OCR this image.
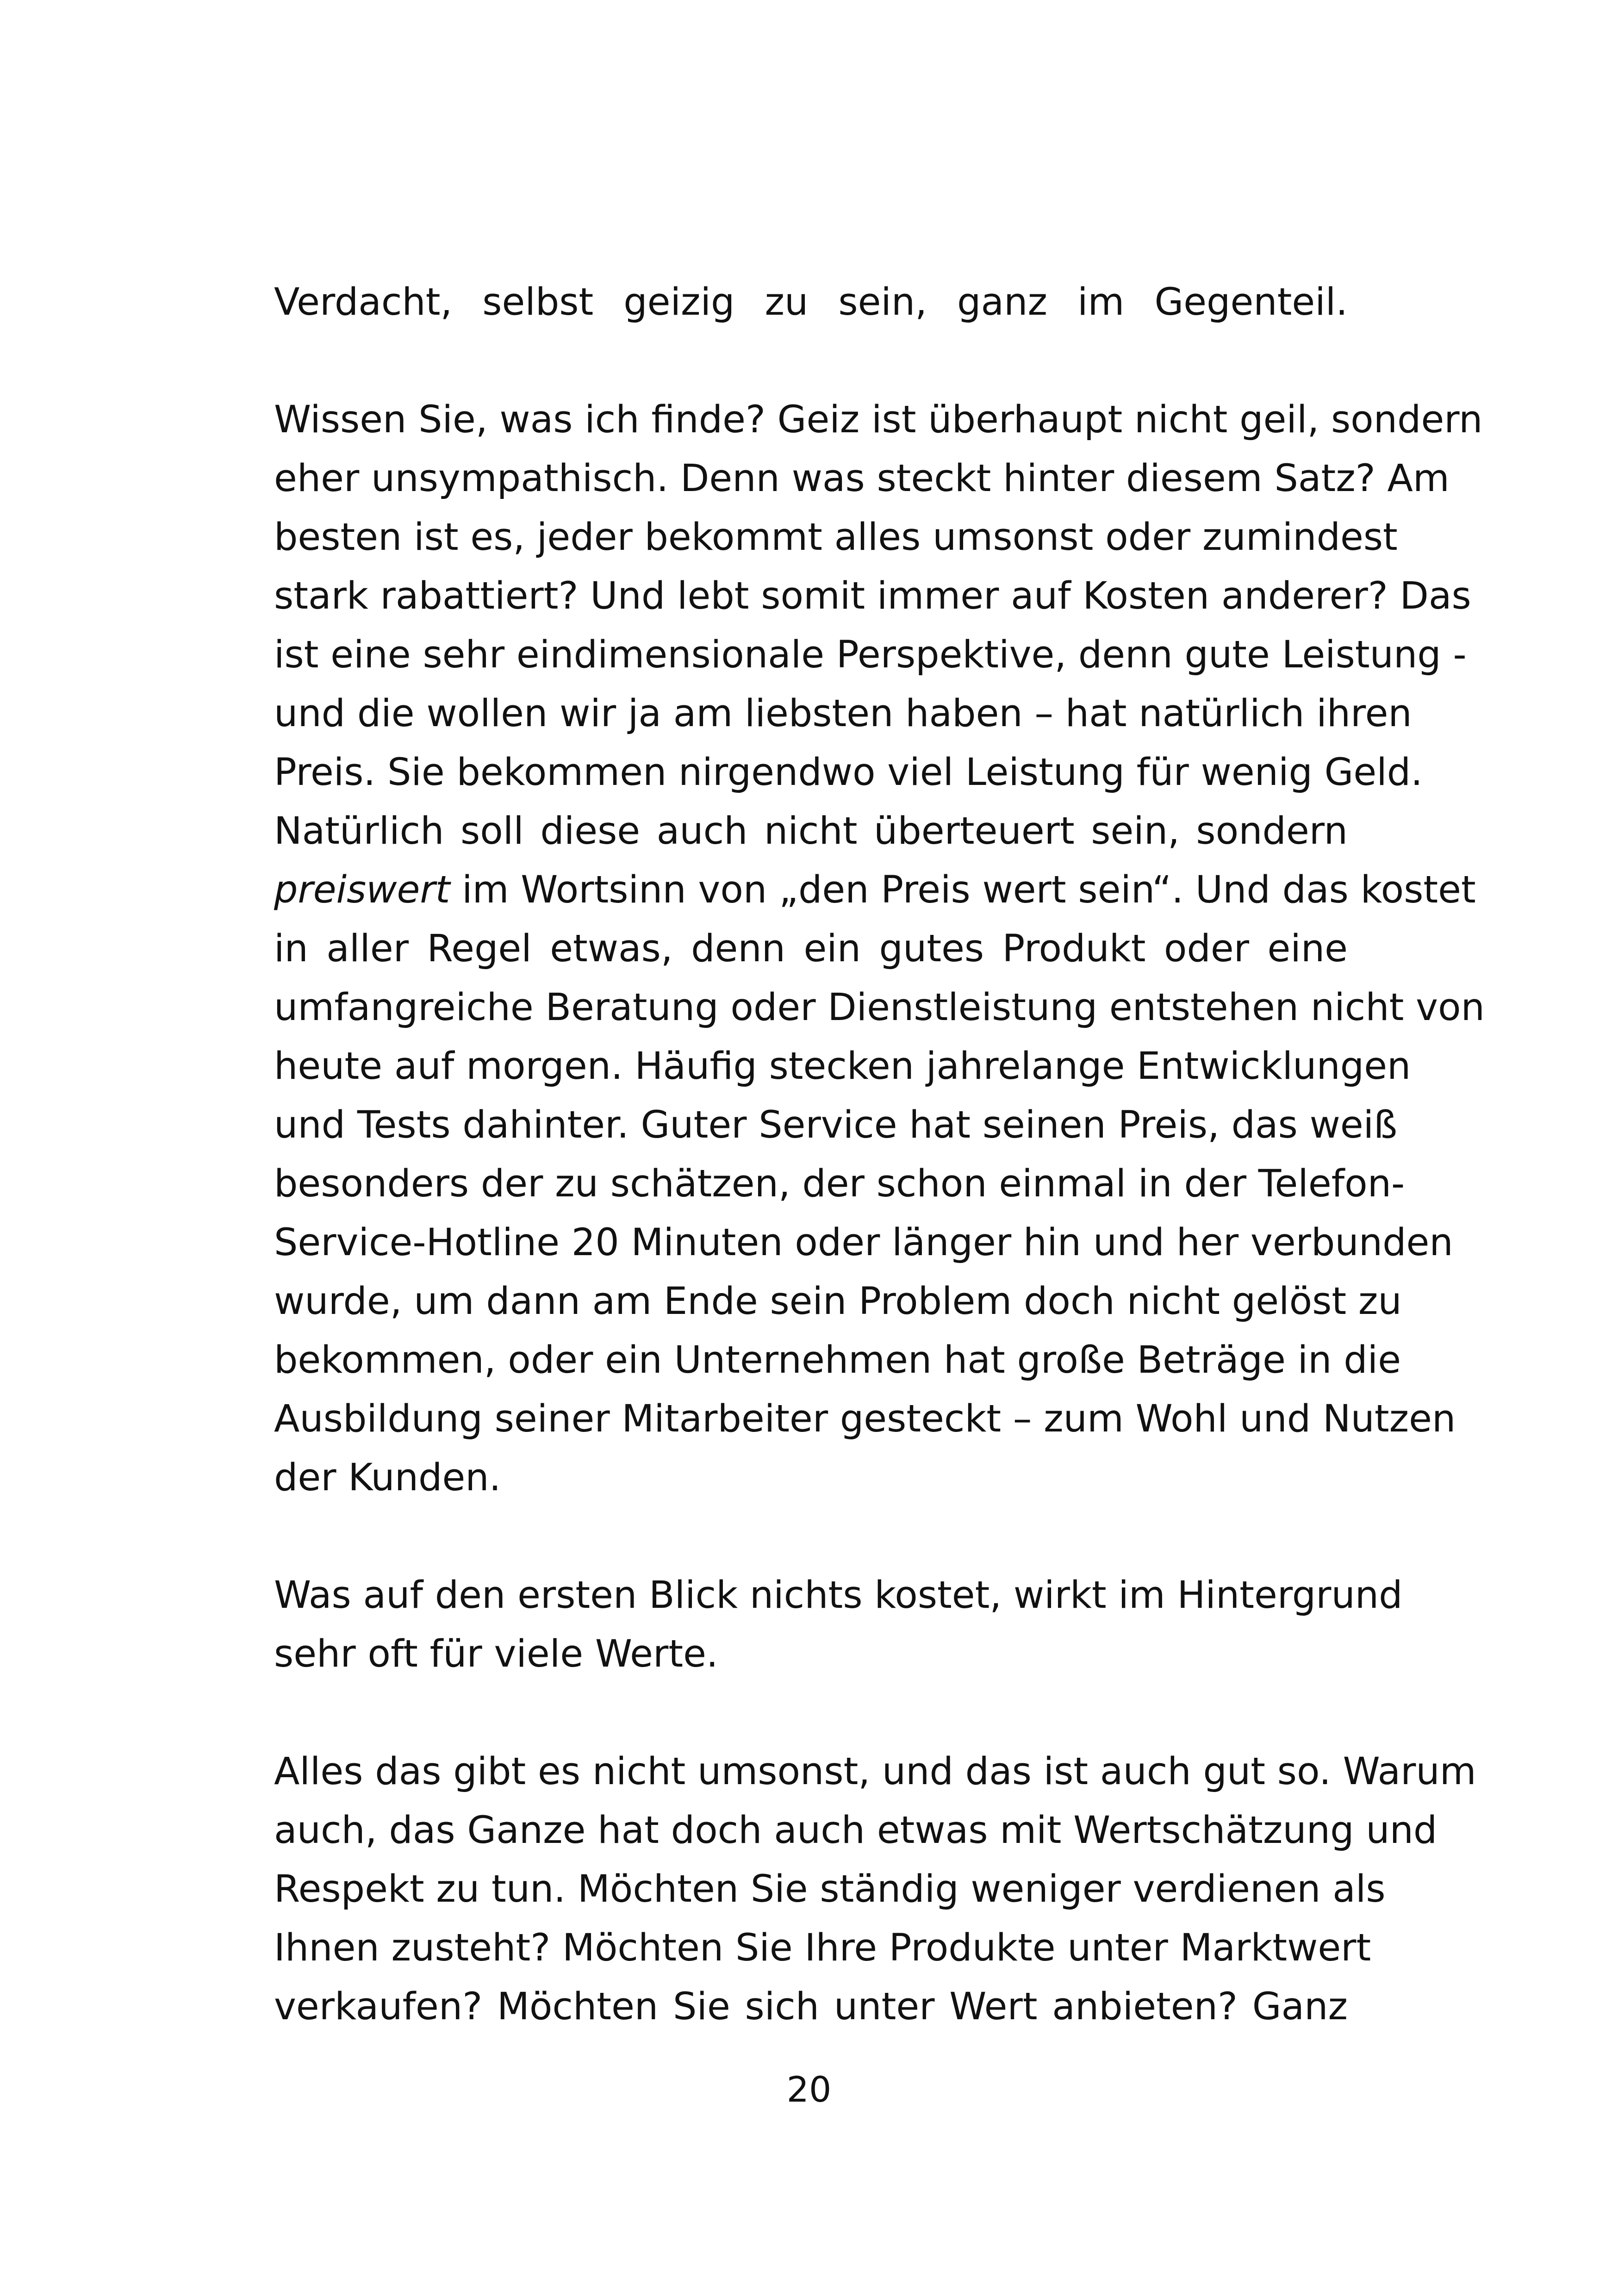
Verdacht, selbst geizig zu sein, ganz im Gegenteil.
Wissen Sie, was ich finde? Geiz ist überhaupt nicht geil, sondern
eher unsympathisch. Denn was steckt hinter diesem Satz? Am
besten ist es, jeder bekommt alles umsonst oder zumindest
stark rabattiert? Und lebt somit immer auf Kosten anderer? Das
ist eine sehr eindimensionale Perspektive, denn gute Leistung -
und die wollen wir ja am liebsten haben – hat natürlich ihren
Preis. Sie bekommen nirgendwo viel Leistung für wenig Geld.
Natürlich soll diese auch nicht überteuert sein, sondern
preiswert im Wortsinn von „den Preis wert sein“. Und das kostet
in aller Regel etwas, denn ein gutes Produkt oder eine
umfangreiche Beratung oder Dienstleistung entstehen nicht von
heute auf morgen. Häufig stecken jahrelange Entwicklungen
und Tests dahinter. Guter Service hat seinen Preis, das weiß
besonders der zu schätzen, der schon einmal in der Telefon-
Service-Hotline 20 Minuten oder länger hin und her verbunden
wurde, um dann am Ende sein Problem doch nicht gelöst zu
bekommen, oder ein Unternehmen hat große Beträge in die
Ausbildung seiner Mitarbeiter gesteckt – zum Wohl und Nutzen
der Kunden.
Was auf den ersten Blick nichts kostet, wirkt im Hintergrund
sehr oft für viele Werte.
Alles das gibt es nicht umsonst, und das ist auch gut so. Warum
auch, das Ganze hat doch auch etwas mit Wertschätzung und
Respekt zu tun. Möchten Sie ständig weniger verdienen als
Ihnen zusteht? Möchten Sie Ihre Produkte unter Marktwert
verkaufen? Möchten Sie sich unter Wert anbieten? Ganz
20
